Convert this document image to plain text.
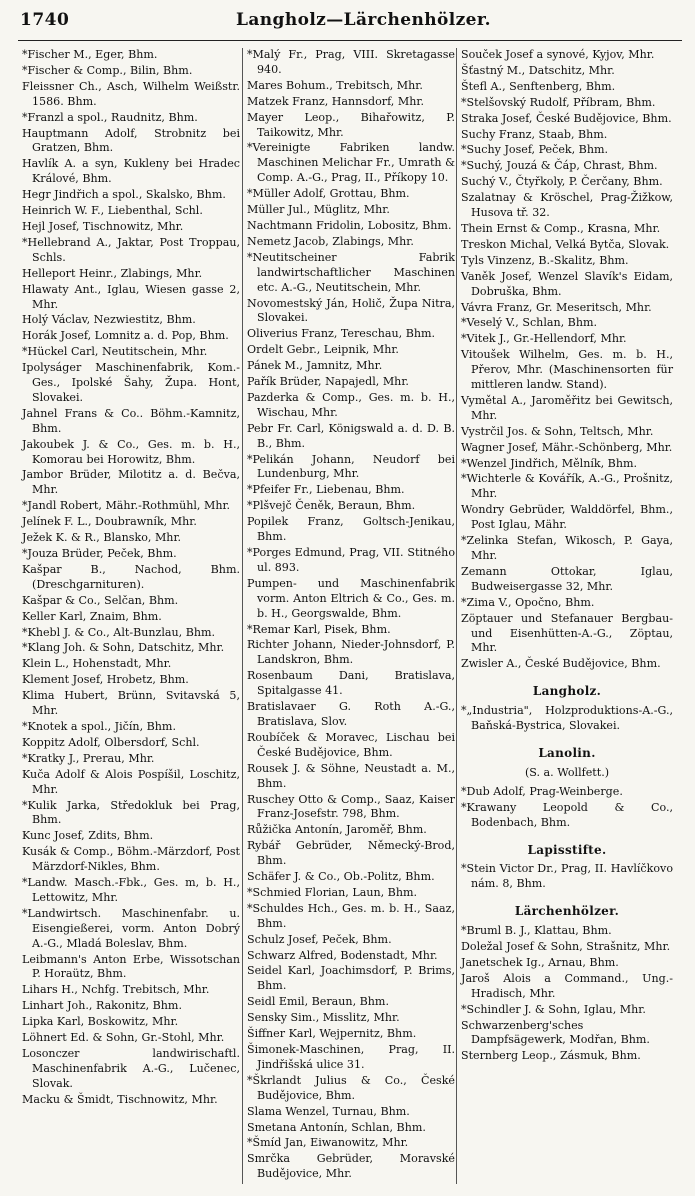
1740	Langholz—Lärchenhölzer.
*Fischer M., Eger, Bhm.
*Fischer & Comp., Bilin, Bhm.
Fleissner Ch., Asch, Wilhelm Weißstr. 1586. Bhm.
*Franzl a spol., Raudnitz, Bhm.
Hauptmann Adolf, Strobnitz bei Gratzen, Bhm.
Havlík A. a syn, Kukleny bei Hradec Králové, Bhm.
Hegr Jindřich a spol., Skalsko, Bhm.
Heinrich W. F., Liebenthal, Schl.
Hejl Josef, Tischnowitz, Mhr.
*Hellebrand A., Jaktar, Post Troppau, Schls.
Helleport Heinr., Zlabings, Mhr.
Hlawaty Ant., Iglau, Wiesen gasse 2, Mhr.
Holý Václav, Nezwiestitz, Bhm.
Horák Josef, Lomnitz a. d. Pop, Bhm.
*Hückel Carl, Neutitschein, Mhr.
Ipolyságer Maschinenfabrik, Kom.-Ges., Ipolské Šahy, Župa. Hont, Slovakei.
Jahnel Frans & Co.. Böhm.-Kamnitz, Bhm.
Jakoubek J. & Co., Ges. m. b. H., Komorau bei Horowitz, Bhm.
Jambor Brüder, Milotitz a. d. Bečva, Mhr.
*Jandl Robert, Mähr.-Rothmühl, Mhr.
Jelínek F. L., Doubrawník, Mhr.
Ježek K. & R., Blansko, Mhr.
*Jouza Brüder, Peček, Bhm.
Kašpar B., Nachod, Bhm. (Dreschgarnituren).
Kašpar & Co., Selčan, Bhm.
Keller Karl, Znaim, Bhm.
*Khebl J. & Co., Alt-Bunzlau, Bhm.
*Klang Joh. & Sohn, Datschitz, Mhr.
Klein L., Hohenstadt, Mhr.
Klement Josef, Hrobetz, Bhm.
Klima Hubert, Brünn, Svitavská 5, Mhr.
*Knotek a spol., Jičín, Bhm.
Koppitz Adolf, Olbersdorf, Schl.
*Kratky J., Prerau, Mhr.
Kuča Adolf & Alois Pospíšil, Loschitz, Mhr.
*Kulik Jarka, Středokluk bei Prag, Bhm.
Kunc Josef, Zdits, Bhm.
Kusák & Comp., Böhm.-Märzdorf, Post Märzdorf-Nikles, Bhm.
*Landw. Masch.-Fbk., Ges. m, b. H., Lettowitz, Mhr.
*Landwirtsch. Maschinenfabr. u. Eisengießerei, vorm. Anton Dobrý A.-G., Mladá Boleslav, Bhm.
Leibmann's Anton Erbe, Wissotschan P. Horaütz, Bhm.
Lihars H., Nchfg. Trebitsch, Mhr.
Linhart Joh., Rakonitz, Bhm.
Lipka Karl, Boskowitz, Mhr.
Löhnert Ed. & Sohn, Gr.-Stohl, Mhr.
Losonczer landwirischaftl. Maschinenfabrik A.-G., Lučenec, Slovak.
Macku & Šmidt, Tischnowitz, Mhr.
*Malý Fr., Prag, VIII. Skretagasse 940.
Mares Bohum., Trebitsch, Mhr.
Matzek Franz, Hannsdorf, Mhr.
Mayer Leop., Bihařowitz, P. Taikowitz, Mhr.
*Vereinigte Fabriken landw. Maschinen Melichar Fr., Umrath & Comp. A.-G., Prag, II., Příkopy 10.
*Müller Adolf, Grottau, Bhm.
Müller Jul., Müglitz, Mhr.
Nachtmann Fridolin, Lobositz, Bhm.
Nemetz Jacob, Zlabings, Mhr.
*Neutitscheiner Fabrik landwirtschaftlicher Maschinen etc. A.-G., Neutitschein, Mhr.
Novomestský Ján, Holič, Župa Nitra, Slovakei.
Oliverius Franz, Tereschau, Bhm.
Ordelt Gebr., Leipnik, Mhr.
Pánek M., Jamnitz, Mhr.
Pařík Brüder, Napajedl, Mhr.
Pazderka & Comp., Ges. m. b. H., Wischau, Mhr.
Pebr Fr. Carl, Königswald a. d. D. B. B., Bhm.
*Pelikán Johann, Neudorf bei Lundenburg, Mhr.
*Pfeifer Fr., Liebenau, Bhm.
*Plšvejč Čeněk, Beraun, Bhm.
Popilek Franz, Goltsch-Jenikau, Bhm.
*Porges Edmund, Prag, VII. Stitného ul. 893.
Pumpen- und Maschinenfabrik vorm. Anton Eltrich & Co., Ges. m. b. H., Georgswalde, Bhm.
*Remar Karl, Pisek, Bhm.
Richter Johann, Nieder-Johnsdorf, P. Landskron, Bhm.
Rosenbaum Dani, Bratislava, Spitalgasse 41.
Bratislavaer G. Roth A.-G., Bratislava, Slov.
Roubíček & Moravec, Lischau bei České Budějovice, Bhm.
Rousek J. & Söhne, Neustadt a. M., Bhm.
Ruschey Otto & Comp., Saaz, Kaiser Franz-Josefstr. 798, Bhm.
Růžička Antonín, Jaroměř, Bhm.
Rybář Gebrüder, Německý-Brod, Bhm.
Schäfer J. & Co., Ob.-Politz, Bhm.
*Schmied Florian, Laun, Bhm.
*Schuldes Hch., Ges. m. b. H., Saaz, Bhm.
Schulz Josef, Peček, Bhm.
Schwarz Alfred, Bodenstadt, Mhr.
Seidel Karl, Joachimsdorf, P. Brims, Bhm.
Seidl Emil, Beraun, Bhm.
Sensky Sim., Misslitz, Mhr.
Šiffner Karl, Wejpernitz, Bhm.
Šimonek-Maschinen, Prag, II. Jindřišská ulice 31.
*Škrlandt Julius & Co., České Budějovice, Bhm.
Slama Wenzel, Turnau, Bhm.
Smetana Antonín, Schlan, Bhm.
*Šmíd Jan, Eiwanowitz, Mhr.
Smrčka Gebrüder, Moravské Budějovice, Mhr.
Souček Josef a synové, Kyjov, Mhr.
Šťastný M., Datschitz, Mhr.
Štefl A., Senftenberg, Bhm.
*Stelšovský Rudolf, Příbram, Bhm.
Straka Josef, České Budějovice, Bhm.
Suchy Franz, Staab, Bhm.
*Suchy Josef, Peček, Bhm.
*Suchý, Jouzá & Čáp, Chrast, Bhm.
Suchý V., Čtyřkoly, P. Čerčany, Bhm.
Szalatnay & Kröschel, Prag-Žižkow, Husova tř. 32.
Thein Ernst & Comp., Krasna, Mhr.
Treskon Michal, Velká Bytča, Slovak.
Tyls Vinzenz, B.-Skalitz, Bhm.
Vaněk Josef, Wenzel Slavík's Eidam, Dobruška, Bhm.
Vávra Franz, Gr. Meseritsch, Mhr.
*Veselý V., Schlan, Bhm.
*Vitek J., Gr.-Hellendorf, Mhr.
Vitoušek Wilhelm, Ges. m. b. H., Přerov, Mhr. (Maschinensorten für mittleren landw. Stand).
Vymětal A., Jaroměřitz bei Gewitsch, Mhr.
Vystrčil Jos. & Sohn, Teltsch, Mhr.
Wagner Josef, Mähr.-Schönberg, Mhr.
*Wenzel Jindřich, Mělník, Bhm.
*Wichterle & Kovářík, A.-G., Prošnitz, Mhr.
Wondry Gebrüder, Walddörfel, Bhm., Post Iglau, Mähr.
*Zelinka Stefan, Wikosch, P. Gaya, Mhr.
Zemann Ottokar, Iglau, Budweisergasse 32, Mhr.
*Zima V., Opočno, Bhm.
Zöptauer und Stefanauer Bergbau- und Eisenhütten-A.-G., Zöptau, Mhr.
Zwisler A., České Budějovice, Bhm.
Langholz.
*„Industria", Holzproduktions-A.-G., Baňská-Bystrica, Slovakei.
Lanolin.
(S. a. Wollfett.)
*Dub Adolf, Prag-Weinberge.
*Krawany Leopold & Co., Bodenbach, Bhm.
Lapisstifte.
*Stein Victor Dr., Prag, II. Havlíčkovo nám. 8, Bhm.
Lärchenhölzer.
*Bruml B. J., Klattau, Bhm.
Doležal Josef & Sohn, Strašnitz, Mhr.
Janetschek Ig., Arnau, Bhm.
Jaroš Alois a Command., Ung.-Hradisch, Mhr.
*Schindler J. & Sohn, Iglau, Mhr.
Schwarzenberg'sches Dampfsägewerk, Modřan, Bhm.
Sternberg Leop., Zásmuk, Bhm.
